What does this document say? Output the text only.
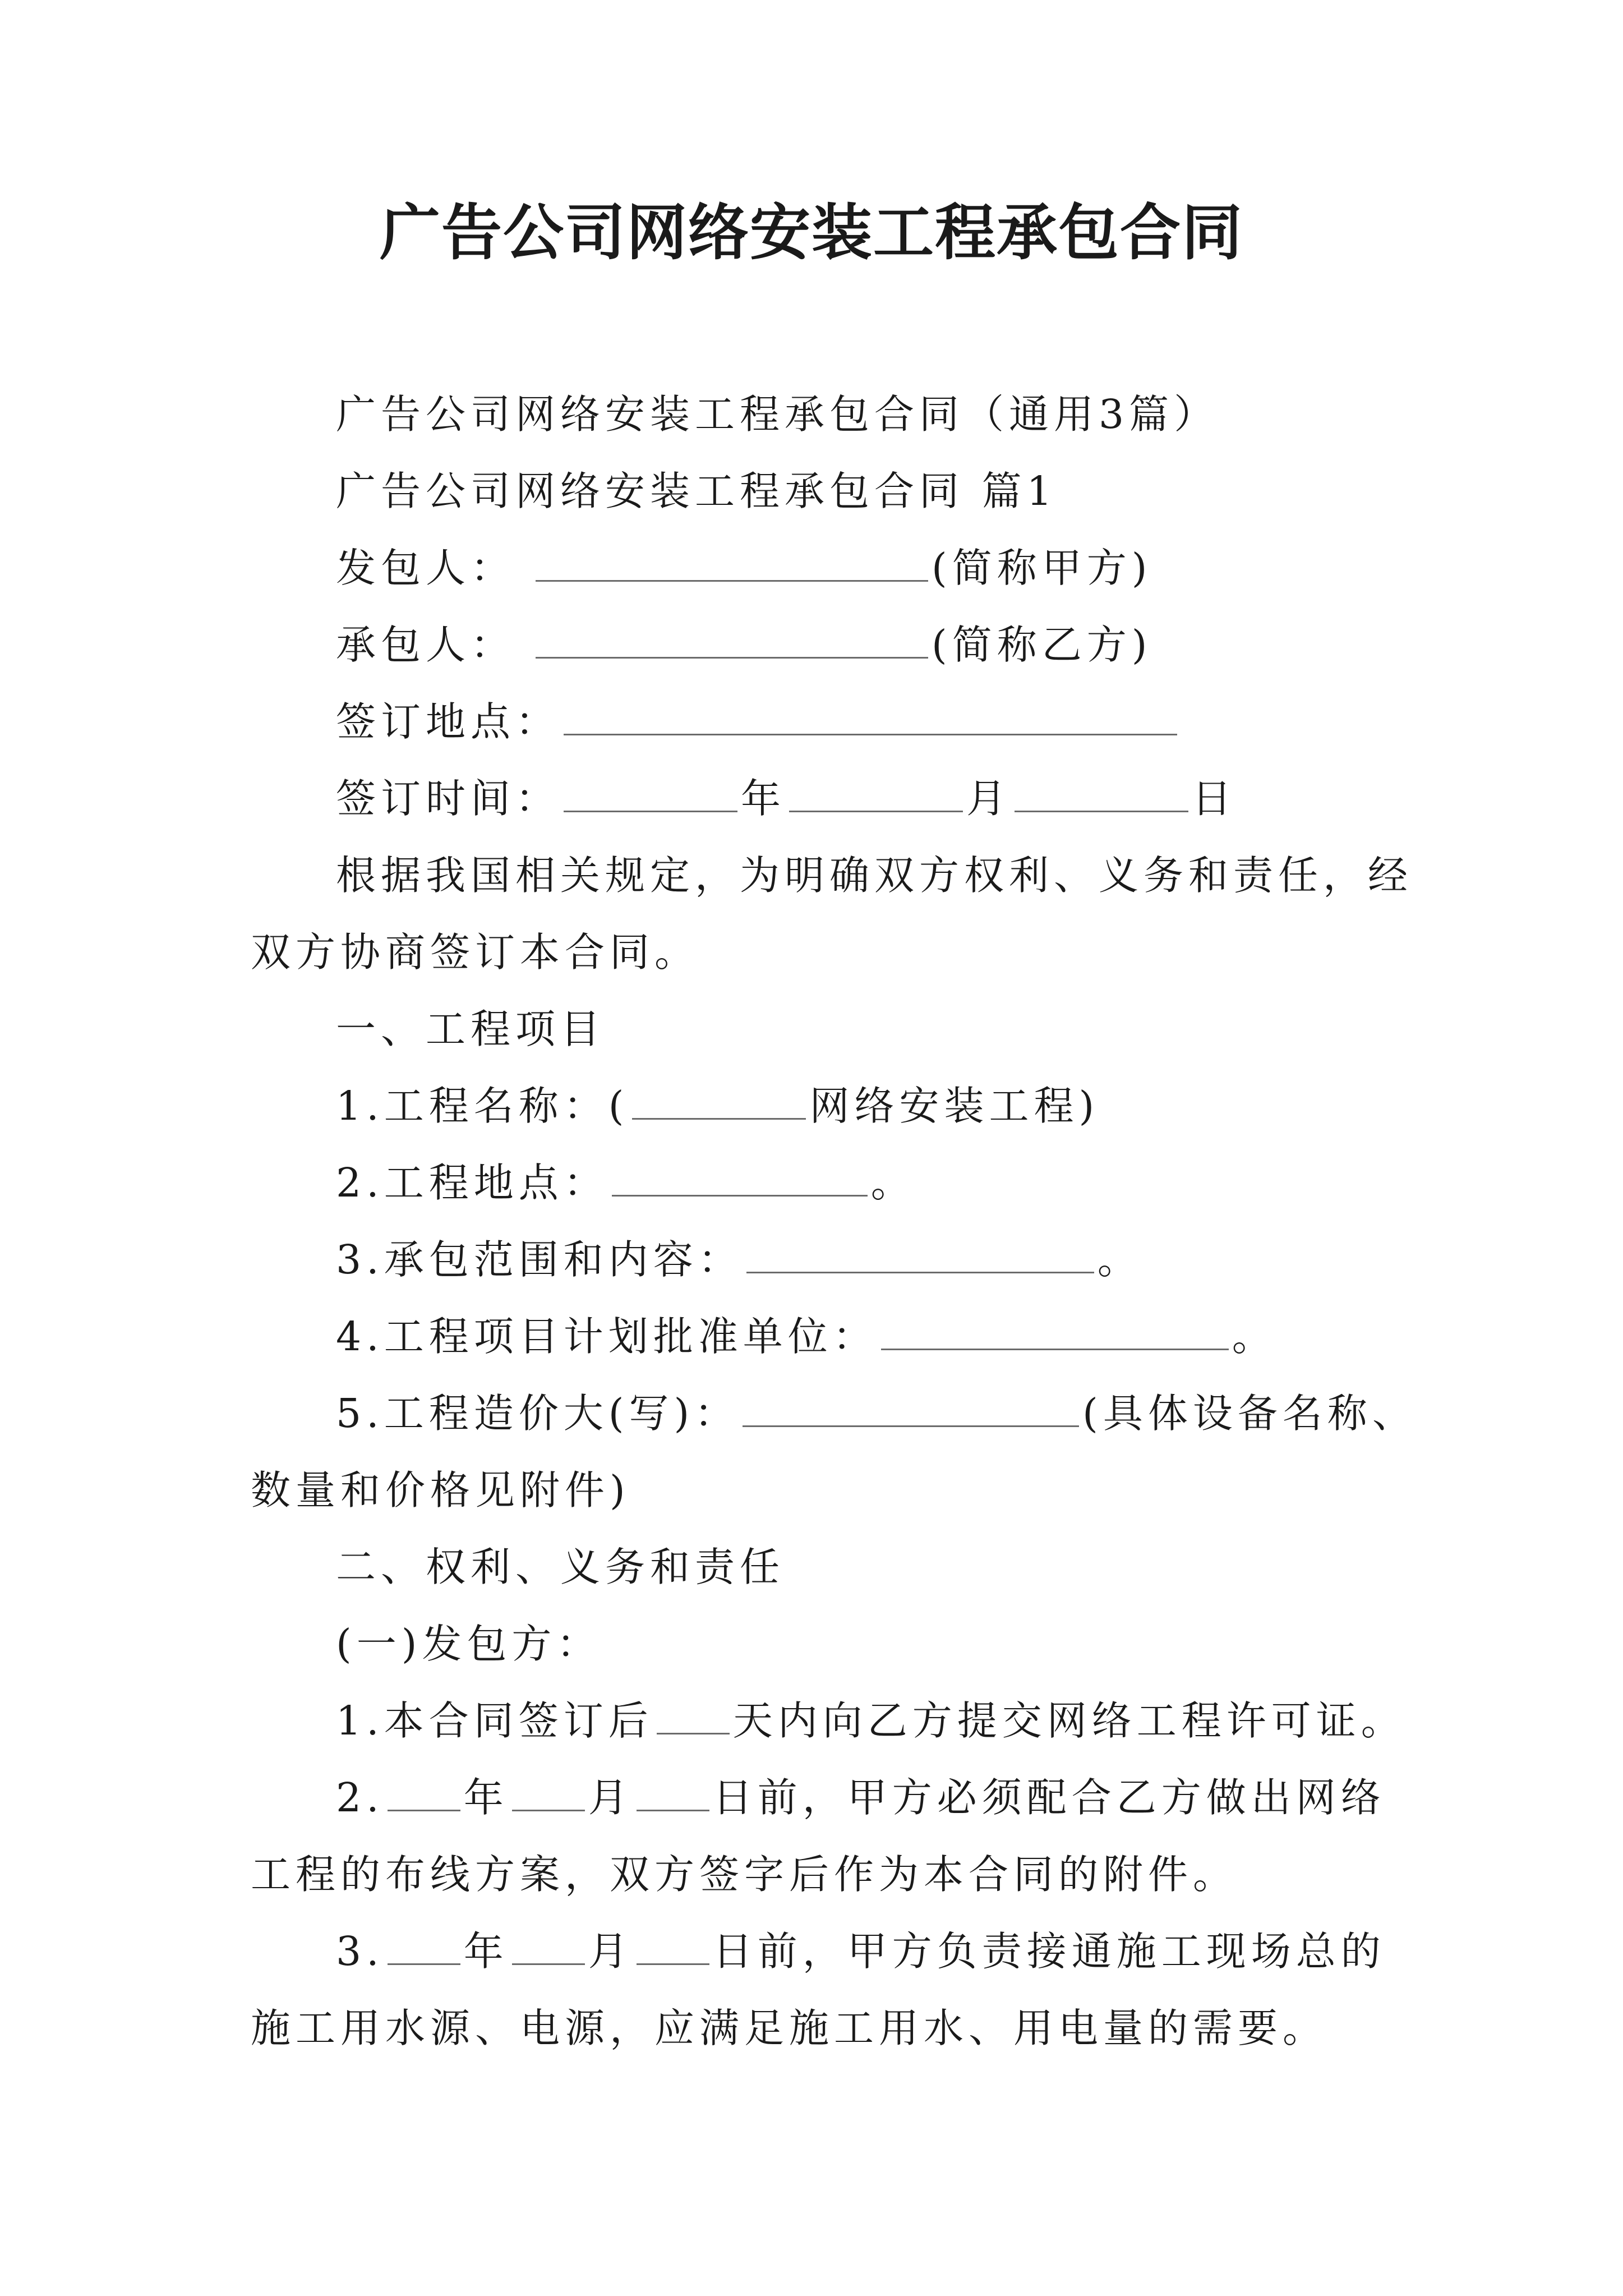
广告公司网络安装工程承包合同
广告公司网络安装工程承包合同（通用3篇）
广告公司网络安装工程承包合同 篇1
发包人：	(简称甲方)
承包人：	(简称乙方)
签订地点：
签订时间：	年	月	日
根据我国相关规定，为明确双方权利、义务和责任，经
双方协商签订本合同。
一、工程项目
1.工程名称：(	网络安装工程)
2.工程地点：	。
3.承包范围和内容：	。
4.工程项目计划批准单位：	。
5.工程造价大(写)：	(具体设备名称、
数量和价格见附件)
二、权利、义务和责任
(一)发包方：
1.本合同签订后 天内向乙方提交网络工程许可证。
2. 年 月 日前，甲方必须配合乙方做出网络
工程的布线方案，双方签字后作为本合同的附件。
3. 年 月 日前，甲方负责接通施工现场总的
施工用水源、电源，应满足施工用水、用电量的需要。
